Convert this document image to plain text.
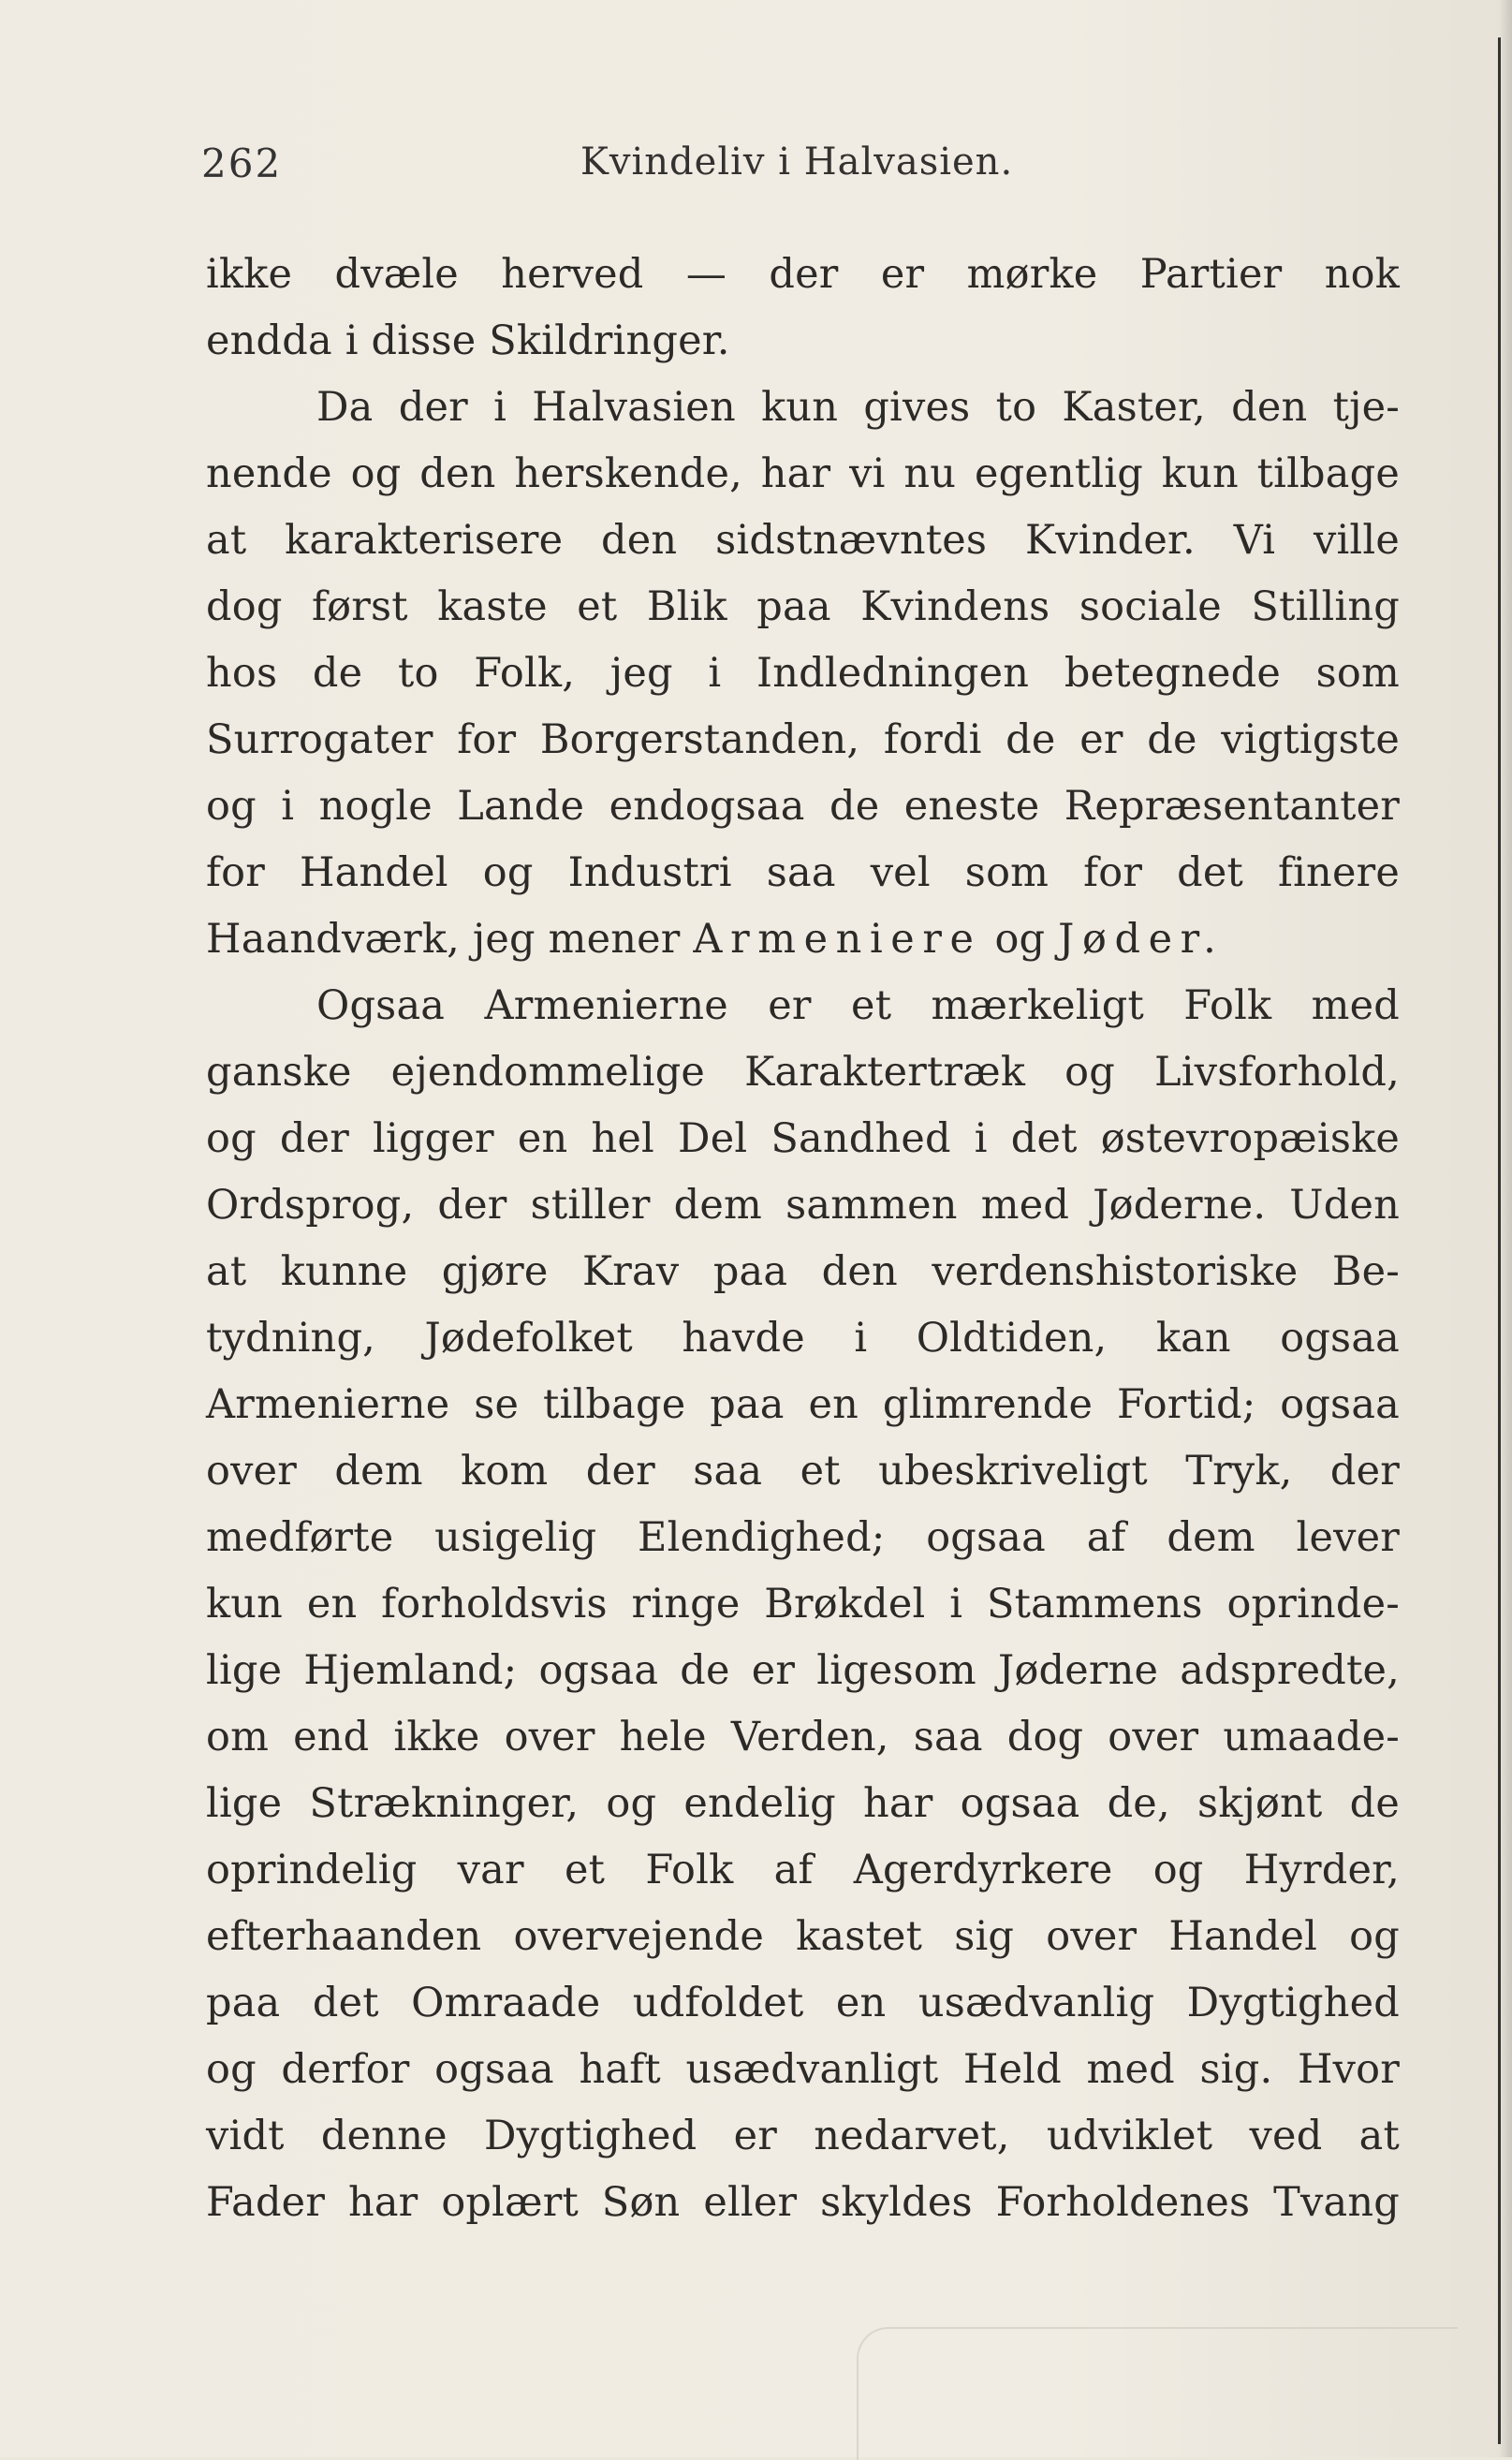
262	Kvindeliv i Halvasien.
ikke dvæle herved — der er mørke Partier nok
endda i disse Skildringer.
Da der i Halvasien kun gives to Kaster, den tje-
nende og den herskende, har vi nu egentlig kun tilbage
at karakterisere den sidstnævntes Kvinder. Vi ville
dog først kaste et Blik paa Kvindens sociale Stilling
hos de to Folk, jeg i Indledningen betegnede som
Surrogater for Borgerstanden, fordi de er de vigtigste
og i nogle Lande endogsaa de eneste Repræsentanter
for Handel og Industri saa vel som for det finere
Haandværk, jeg mener Armeniere og Jøder.
Ogsaa Armenierne er et mærkeligt Folk med
ganske ejendommelige Karaktertræk og Livsforhold,
og der ligger en hel Del Sandhed i det østevropæiske
Ordsprog, der stiller dem sammen med Jøderne. Uden
at kunne gjøre Krav paa den verdenshistoriske Be-
tydning, Jødefolket havde i Oldtiden, kan ogsaa
Armenierne se tilbage paa en glimrende Fortid; ogsaa
over dem kom der saa et ubeskriveligt Tryk, der
medførte usigelig Elendighed; ogsaa af dem lever
kun en forholdsvis ringe Brøkdel i Stammens oprinde-
lige Hjemland; ogsaa de er ligesom Jøderne adspredte,
om end ikke over hele Verden, saa dog over umaade-
lige Strækninger, og endelig har ogsaa de, skjønt de
oprindelig var et Folk af Agerdyrkere og Hyrder,
efterhaanden overvejende kastet sig over Handel og
paa det Omraade udfoldet en usædvanlig Dygtighed
og derfor ogsaa haft usædvanligt Held med sig. Hvor
vidt denne Dygtighed er nedarvet, udviklet ved at
Fader har oplært Søn eller skyldes Forholdenes Tvang
